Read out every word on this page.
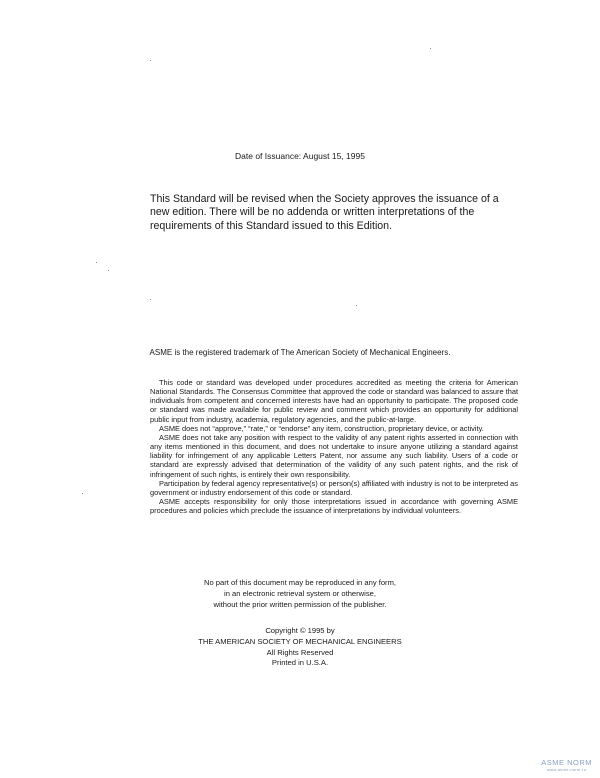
Date of Issuance: August 15, 1995
This Standard will be revised when the Society approves the issuance of a new edition. There will be no addenda or written interpretations of the requirements of this Standard issued to this Edition.
ASME is the registered trademark of The American Society of Mechanical Engineers.

This code or standard was developed under procedures accredited as meeting the criteria for American National Standards. The Consensus Committee that approved the code or standard was balanced to assure that individuals from competent and concerned interests have had an opportunity to participate. The proposed code or standard was made available for public review and comment which provides an opportunity for additional public input from industry, academia, regulatory agencies, and the public-at-large.

ASME does not “approve,” “rate,” or “endorse” any item, construction, proprietary device, or activity.

ASME does not take any position with respect to the validity of any patent rights asserted in connection with any items mentioned in this document, and does not undertake to insure anyone utilizing a standard against liability for infringement of any applicable Letters Patent, nor assume any such liability. Users of a code or standard are expressly advised that determination of the validity of any such patent rights, and the risk of infringement of such rights, is entirely their own responsibility.

Participation by federal agency representative(s) or person(s) affiliated with industry is not to be interpreted as government or industry endorsement of this code or standard.

ASME accepts responsibility for only those interpretations issued in accordance with governing ASME procedures and policies which preclude the issuance of interpretations by individual volunteers.

No part of this document may be reproduced in any form,
in an electronic retrieval system or otherwise,
without the prior written permission of the publisher.
Copyright © 1995 by
THE AMERICAN SOCIETY OF MECHANICAL ENGINEERS
All Rights Reserved
Printed in U.S.A.
ASME NORM
www.asme-norm.ru
